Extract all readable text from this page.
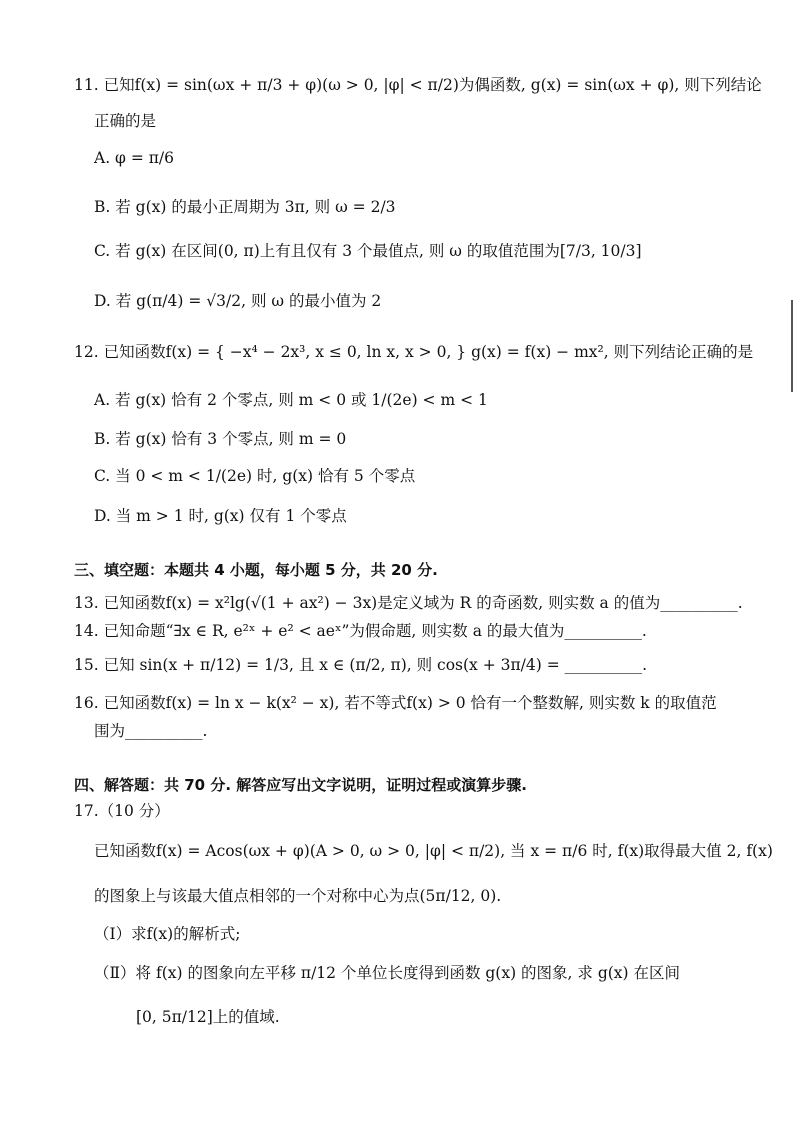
11. 已知f(x) = sin(ωx + π/3 + φ)(ω > 0, |φ| < π/2)为偶函数, g(x) = sin(ωx + φ), 则下列结论
正确的是
A. φ = π/6
B. 若 g(x) 的最小正周期为 3π, 则 ω = 2/3
C. 若 g(x) 在区间(0, π)上有且仅有 3 个最值点, 则 ω 的取值范围为[7/3, 10/3]
D. 若 g(π/4) = √3/2, 则 ω 的最小值为 2
12. 已知函数f(x) = { −x⁴ − 2x³, x ≤ 0, ln x, x > 0, } g(x) = f(x) − mx², 则下列结论正确的是
A. 若 g(x) 恰有 2 个零点, 则 m < 0 或 1/(2e) < m < 1
B. 若 g(x) 恰有 3 个零点, 则 m = 0
C. 当 0 < m < 1/(2e) 时, g(x) 恰有 5 个零点
D. 当 m > 1 时, g(x) 仅有 1 个零点
三、填空题：本题共 4 小题，每小题 5 分，共 20 分.
13. 已知函数f(x) = x²lg(√(1 + ax²) − 3x)是定义域为 R 的奇函数, 则实数 a 的值为__________.
14. 已知命题“∃x ∈ R, e²ˣ + e² < aeˣ”为假命题, 则实数 a 的最大值为__________.
15. 已知 sin(x + π/12) = 1/3, 且 x ∈ (π/2, π), 则 cos(x + 3π/4) = __________.
16. 已知函数f(x) = ln x − k(x² − x), 若不等式f(x) > 0 恰有一个整数解, 则实数 k 的取值范
围为__________.
四、解答题：共 70 分. 解答应写出文字说明，证明过程或演算步骤.
17.（10 分）
已知函数f(x) = Acos(ωx + φ)(A > 0, ω > 0, |φ| < π/2), 当 x = π/6 时, f(x)取得最大值 2, f(x)
的图象上与该最大值点相邻的一个对称中心为点(5π/12, 0).
（Ⅰ）求f(x)的解析式;
（Ⅱ）将 f(x) 的图象向左平移 π/12 个单位长度得到函数 g(x) 的图象, 求 g(x) 在区间
[0, 5π/12]上的值域.
